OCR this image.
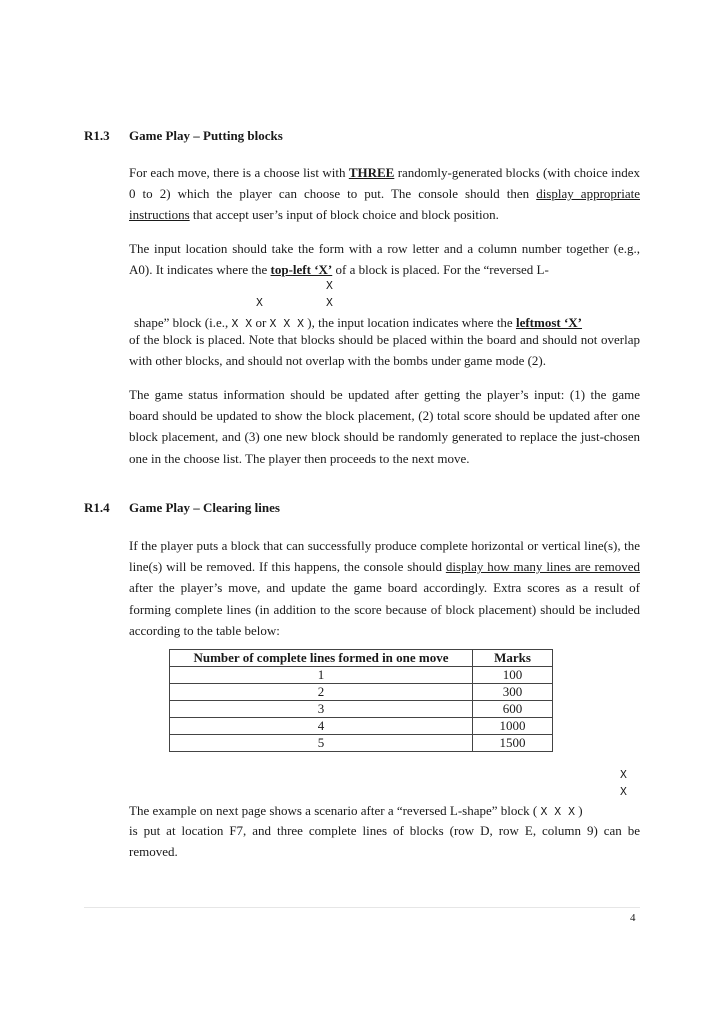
R1.3 Game Play – Putting blocks

For each move, there is a choose list with THREE randomly-generated blocks (with choice index 0 to 2) which the player can choose to put. The console should then display appropriate instructions that accept user’s input of block choice and block position.

The input location should take the form with a row letter and a column number together (e.g., A0). It indicates where the top-left ‘X’ of a block is placed. For the “reversed L-

X
X	X
shape” block (i.e., X X or X X X ), the input location indicates where the leftmost ‘X’

of the block is placed. Note that blocks should be placed within the board and should not overlap with other blocks, and should not overlap with the bombs under game mode (2).

The game status information should be updated after getting the player’s input: (1) the game board should be updated to show the block placement, (2) total score should be updated after one block placement, and (3) one new block should be randomly generated to replace the just-chosen one in the choose list. The player then proceeds to the next move.

R1.4 Game Play – Clearing lines

If the player puts a block that can successfully produce complete horizontal or vertical line(s), the line(s) will be removed. If this happens, the console should display how many lines are removed after the player’s move, and update the game board accordingly. Extra scores as a result of forming complete lines (in addition to the score because of block placement) should be included according to the table below:

Number of complete lines formed in one move	Marks
1	100
2	300
3	600
4	1000
5	1500
X
X
The example on next page shows a scenario after a “reversed L-shape” block ( X X X )

is put at location F7, and three complete lines of blocks (row D, row E, column 9) can be removed.

4
